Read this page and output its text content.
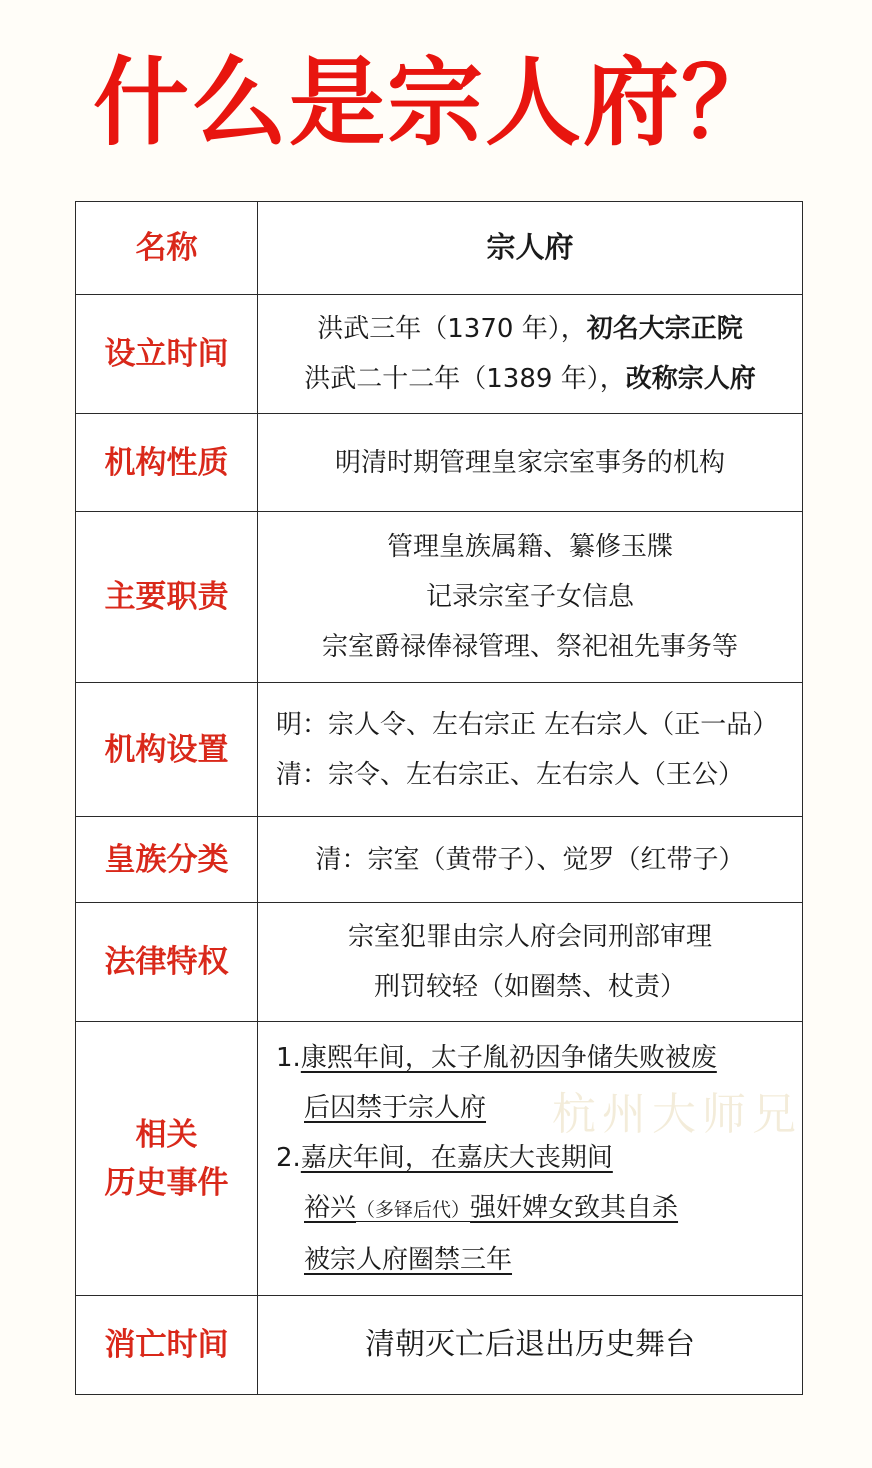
什么是宗人府？
名称	宗人府
设立时间	洪武三年（1370 年），初名大宗正院
洪武二十二年（1389 年），改称宗人府

机构性质	明清时期管理皇家宗室事务的机构
主要职责	管理皇族属籍、纂修玉牒
记录宗室子女信息
宗室爵禄俸禄管理、祭祀祖先事务等

机构设置	明：宗人令、左右宗正 左右宗人（正一品）
清：宗令、左右宗正、左右宗人（王公）

皇族分类	清：宗室（黄带子）、觉罗（红带子）
法律特权	宗室犯罪由宗人府会同刑部审理
刑罚较轻（如圈禁、杖责）

相关
历史事件	1.康熙年间，太子胤礽因争储失败被废
后囚禁于宗人府
2.嘉庆年间，在嘉庆大丧期间
裕兴（多铎后代）强奸婢女致其自杀
被宗人府圈禁三年

消亡时间	清朝灭亡后退出历史舞台
杭州大师兄
